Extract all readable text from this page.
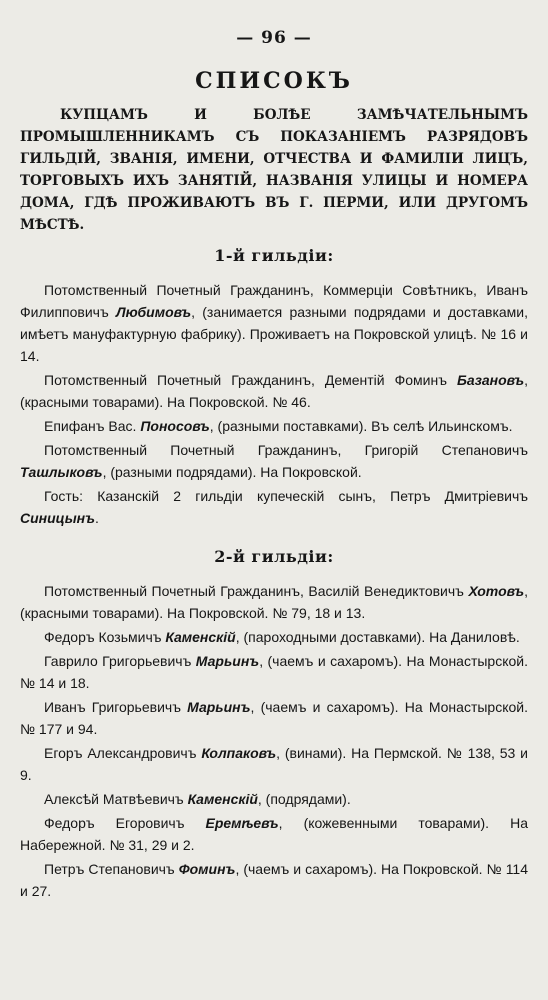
— 96 —
СПИСОКЪ
КУПЦАМЪ И БОЛѢЕ ЗАМѢЧАТЕЛЬНЫМЪ ПРОМЫШЛЕННИКАМЪ СЪ ПОКАЗАНІЕМЪ РАЗРЯДОВЪ ГИЛЬДІЙ, ЗВАНІЯ, ИМЕНИ, ОТЧЕСТВА И ФАМИЛІИ ЛИЦЪ, ТОРГОВЫХЪ ИХЪ ЗАНЯТІЙ, НАЗВАНІЯ УЛИЦЫ И НОМЕРА ДОМА, ГДѢ ПРОЖИВАЮТЪ ВЪ Г. ПЕРМИ, ИЛИ ДРУГОМЪ МѢСТѢ.
1-й гильдіи:
Потомственный Почетный Гражданинъ, Коммерціи Совѣтникъ, Иванъ Филипповичъ Любимовъ, (занимается разными подрядами и доставками, имѣетъ мануфактурную фабрику). Проживаетъ на Покровской улицѣ. № 16 и 14.
Потомственный Почетный Гражданинъ, Дементій Фоминъ Базановъ, (красными товарами). На Покровской. № 46.
Епифанъ Вас. Поносовъ, (разными поставками). Въ селѣ Ильинскомъ.
Потомственный Почетный Гражданинъ, Григорій Степановичъ Ташлыковъ, (разными подрядами). На Покровской.
Гость: Казанскій 2 гильдіи купеческій сынъ, Петръ Дмитріевичъ Синицынъ.
2-й гильдіи:
Потомственный Почетный Гражданинъ, Василій Венедиктовичъ Хотовъ, (красными товарами). На Покровской. № 79, 18 и 13.
Федоръ Козьмичъ Каменскій, (пароходными доставками). На Даниловѣ.
Гаврило Григорьевичъ Марьинъ, (чаемъ и сахаромъ). На Монастырской. № 14 и 18.
Иванъ Григорьевичъ Марьинъ, (чаемъ и сахаромъ). На Монастырской. № 177 и 94.
Егоръ Александровичъ Колпаковъ, (винами). На Пермской. № 138, 53 и 9.
Алексѣй Матвѣевичъ Каменскій, (подрядами).
Федоръ Егоровичъ Еремѣевъ, (кожевенными товарами). На Набережной. № 31, 29 и 2.
Петръ Степановичъ Фоминъ, (чаемъ и сахаромъ). На Покровской. № 114 и 27.
